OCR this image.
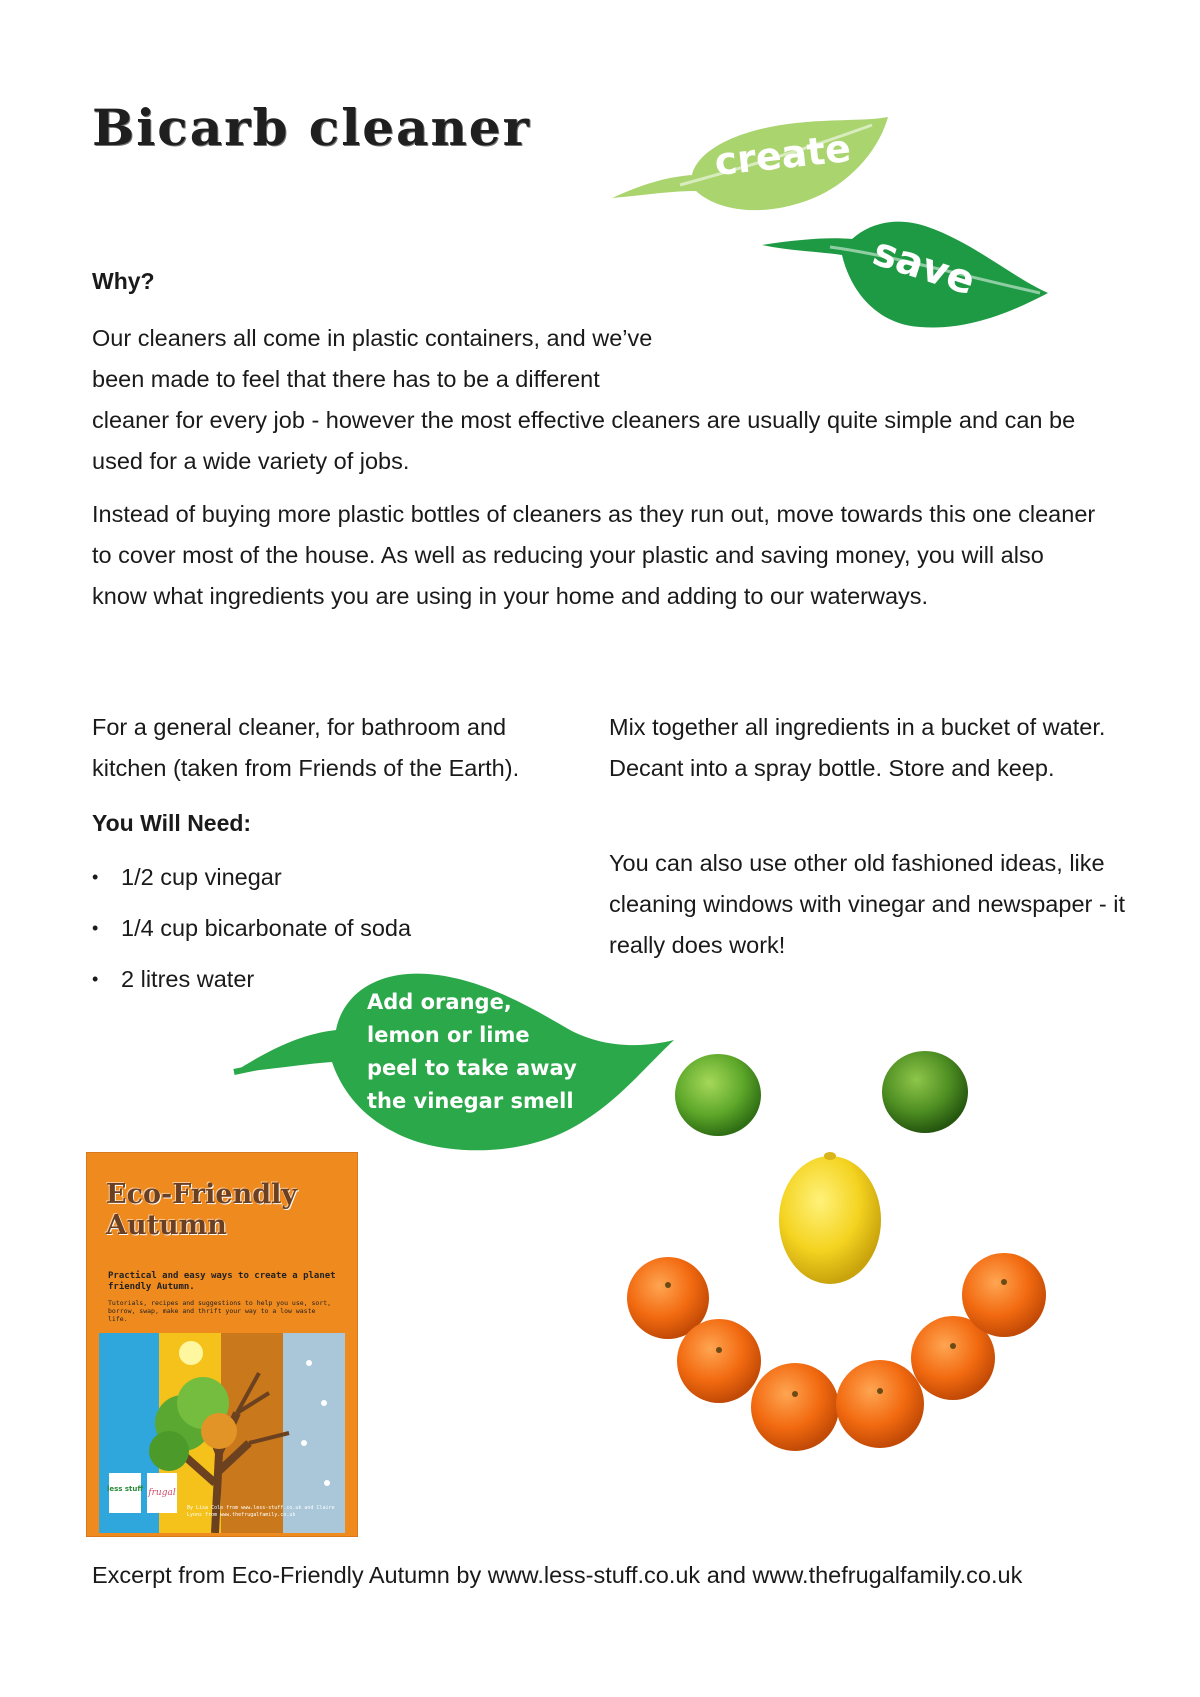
Bicarb cleaner	create
save
Why?

Our cleaners all come in plastic containers, and we’ve
been made to feel that there has to be a different
cleaner for every job - however the most effective cleaners are usually quite simple and can be used for a wide variety of jobs.

Instead of buying more plastic bottles of cleaners as they run out, move towards this one cleaner to cover most of the house. As well as reducing your plastic and saving money, you will also know what ingredients you are using in your home and adding to our waterways.

For a general cleaner, for bathroom and kitchen (taken from Friends of the Earth).

You Will Need:
• 1/2 cup vinegar
• 1/4 cup bicarbonate of soda
• 2 litres water

Mix together all ingredients in a bucket of water. Decant into a spray bottle. Store and keep.

You can also use other old fashioned ideas, like cleaning windows with vinegar and newspaper - it really does work!

Add orange, lemon or lime peel to take away the vinegar smell

Eco-Friendly
Autumn

Practical and easy ways to create a planet friendly Autumn.

Tutorials, recipes and suggestions to help you use, sort, borrow, swap, make and thrift your way to a low waste life.

less stuff frugal

By Lisa Cole from www.less-stuff.co.uk and Claire Lyons from www.thefrugalfamily.co.uk

Excerpt from Eco-Friendly Autumn by www.less-stuff.co.uk and www.thefrugalfamily.co.uk
